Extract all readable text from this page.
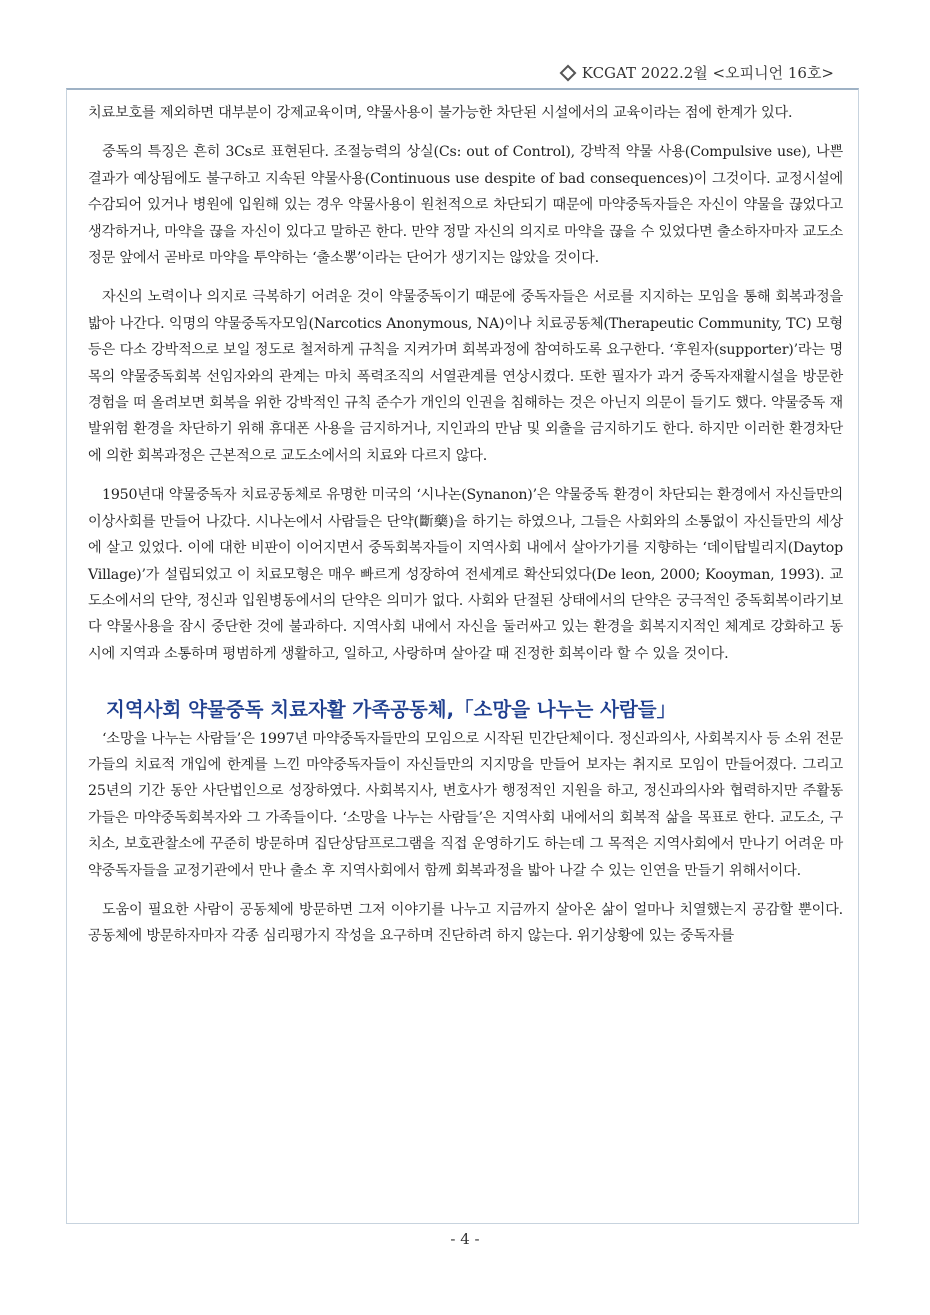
KCGAT 2022.2월 <오피니언 16호>

치료보호를 제외하면 대부분이 강제교육이며, 약물사용이 불가능한 차단된 시설에서의 교육이라는 점에 한계가 있다.

중독의 특징은 흔히 3Cs로 표현된다. 조절능력의 상실(Cs: out of Control), 강박적 약물 사용(Compulsive use), 나쁜 결과가 예상됨에도 불구하고 지속된 약물사용(Continuous use despite of bad consequences)이 그것이다. 교정시설에 수감되어 있거나 병원에 입원해 있는 경우 약물사용이 원천적으로 차단되기 때문에 마약중독자들은 자신이 약물을 끊었다고 생각하거나, 마약을 끊을 자신이 있다고 말하곤 한다. 만약 정말 자신의 의지로 마약을 끊을 수 있었다면 출소하자마자 교도소 정문 앞에서 곧바로 마약을 투약하는 ‘출소뽕’이라는 단어가 생기지는 않았을 것이다.

자신의 노력이나 의지로 극복하기 어려운 것이 약물중독이기 때문에 중독자들은 서로를 지지하는 모임을 통해 회복과정을 밟아 나간다. 익명의 약물중독자모임(Narcotics Anonymous, NA)이나 치료공동체(Therapeutic Community, TC) 모형 등은 다소 강박적으로 보일 정도로 철저하게 규칙을 지켜가며 회복과정에 참여하도록 요구한다. ‘후원자(supporter)’라는 명목의 약물중독회복 선임자와의 관계는 마치 폭력조직의 서열관계를 연상시켰다. 또한 필자가 과거 중독자재활시설을 방문한 경험을 떠 올려보면 회복을 위한 강박적인 규칙 준수가 개인의 인권을 침해하는 것은 아닌지 의문이 들기도 했다. 약물중독 재발위험 환경을 차단하기 위해 휴대폰 사용을 금지하거나, 지인과의 만남 및 외출을 금지하기도 한다. 하지만 이러한 환경차단에 의한 회복과정은 근본적으로 교도소에서의 치료와 다르지 않다.

1950년대 약물중독자 치료공동체로 유명한 미국의 ‘시나논(Synanon)’은 약물중독 환경이 차단되는 환경에서 자신들만의 이상사회를 만들어 나갔다. 시나논에서 사람들은 단약(斷藥)을 하기는 하였으나, 그들은 사회와의 소통없이 자신들만의 세상에 살고 있었다. 이에 대한 비판이 이어지면서 중독회복자들이 지역사회 내에서 살아가기를 지향하는 ‘데이탑빌리지(Daytop Village)’가 설립되었고 이 치료모형은 매우 빠르게 성장하여 전세계로 확산되었다(De leon, 2000; Kooyman, 1993). 교도소에서의 단약, 정신과 입원병동에서의 단약은 의미가 없다. 사회와 단절된 상태에서의 단약은 궁극적인 중독회복이라기보다 약물사용을 잠시 중단한 것에 불과하다. 지역사회 내에서 자신을 둘러싸고 있는 환경을 회복지지적인 체계로 강화하고 동시에 지역과 소통하며 평범하게 생활하고, 일하고, 사랑하며 살아갈 때 진정한 회복이라 할 수 있을 것이다.

지역사회 약물중독 치료자활 가족공동체,「소망을 나누는 사람들」

‘소망을 나누는 사람들’은 1997년 마약중독자들만의 모임으로 시작된 민간단체이다. 정신과의사, 사회복지사 등 소위 전문가들의 치료적 개입에 한계를 느낀 마약중독자들이 자신들만의 지지망을 만들어 보자는 취지로 모임이 만들어졌다. 그리고 25년의 기간 동안 사단법인으로 성장하였다. 사회복지사, 변호사가 행정적인 지원을 하고, 정신과의사와 협력하지만 주활동가들은 마약중독회복자와 그 가족들이다. ‘소망을 나누는 사람들’은 지역사회 내에서의 회복적 삶을 목표로 한다. 교도소, 구치소, 보호관찰소에 꾸준히 방문하며 집단상담프로그램을 직접 운영하기도 하는데 그 목적은 지역사회에서 만나기 어려운 마약중독자들을 교정기관에서 만나 출소 후 지역사회에서 함께 회복과정을 밟아 나갈 수 있는 인연을 만들기 위해서이다.

도움이 필요한 사람이 공동체에 방문하면 그저 이야기를 나누고 지금까지 살아온 삶이 얼마나 치열했는지 공감할 뿐이다. 공동체에 방문하자마자 각종 심리평가지 작성을 요구하며 진단하려 하지 않는다. 위기상황에 있는 중독자를

- 4 -
